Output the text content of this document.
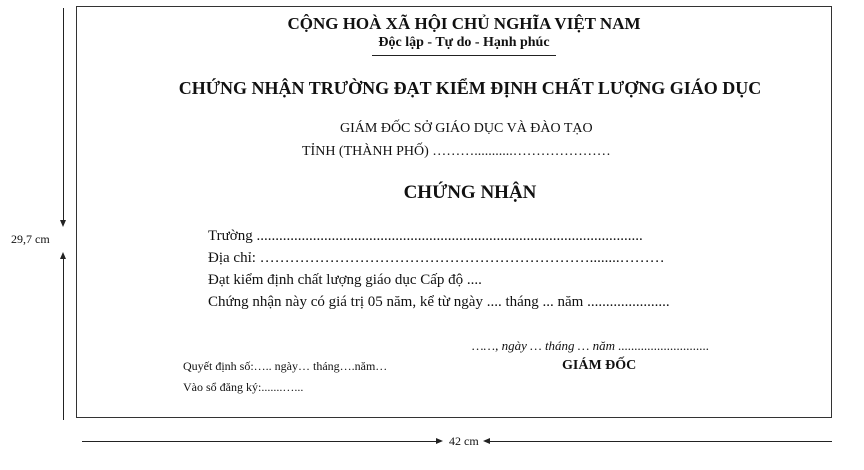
29,7 cm
CỘNG HOÀ XÃ HỘI CHỦ NGHĨA VIỆT NAM
Độc lập - Tự do - Hạnh phúc
CHỨNG NHẬN TRƯỜNG ĐẠT KIỂM ĐỊNH CHẤT LƯỢNG GIÁO DỤC
GIÁM ĐỐC SỞ GIÁO DỤC VÀ ĐÀO TẠO
TỈNH (THÀNH PHỐ) ………...........…………………
CHỨNG NHẬN
Trường .......................................................................................................
Địa chỉ: …………………………………………………………........………
Đạt kiểm định chất lượng giáo dục Cấp độ ....
Chứng nhận này có giá trị 05 năm, kể từ ngày .... tháng ... năm ......................
……, ngày … tháng … năm ............................
GIÁM ĐỐC
Quyết định số:….. ngày… tháng….năm…
Vào sổ đăng ký:.......…...
42 cm
